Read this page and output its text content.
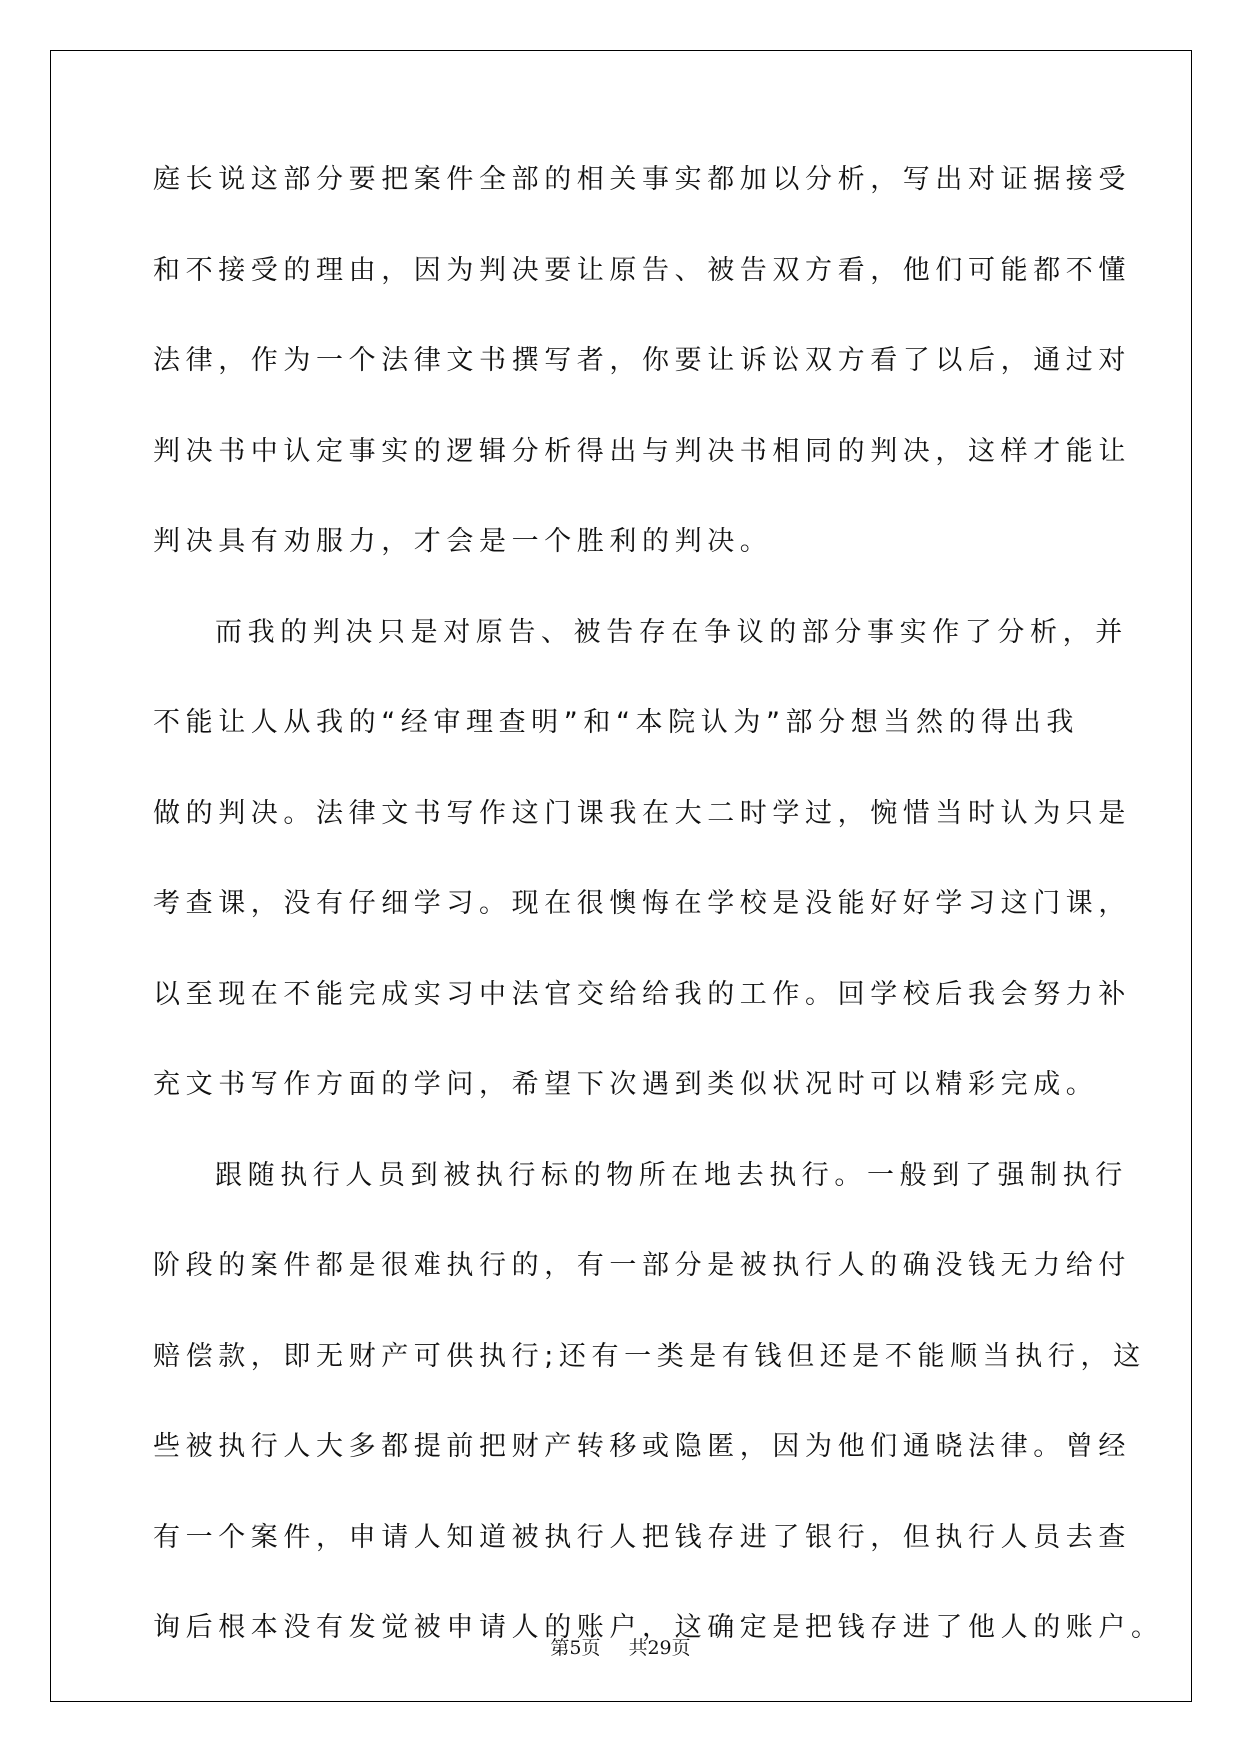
庭长说这部分要把案件全部的相关事实都加以分析，写出对证据接受
和不接受的理由，因为判决要让原告、被告双方看，他们可能都不懂
法律，作为一个法律文书撰写者，你要让诉讼双方看了以后，通过对
判决书中认定事实的逻辑分析得出与判决书相同的判决，这样才能让
判决具有劝服力，才会是一个胜利的判决。
而我的判决只是对原告、被告存在争议的部分事实作了分析，并
不能让人从我的“经审理查明”和“本院认为”部分想当然的得出我
做的判决。法律文书写作这门课我在大二时学过，惋惜当时认为只是
考查课，没有仔细学习。现在很懊悔在学校是没能好好学习这门课，
以至现在不能完成实习中法官交给给我的工作。回学校后我会努力补
充文书写作方面的学问，希望下次遇到类似状况时可以精彩完成。
跟随执行人员到被执行标的物所在地去执行。一般到了强制执行
阶段的案件都是很难执行的，有一部分是被执行人的确没钱无力给付
赔偿款，即无财产可供执行;还有一类是有钱但还是不能顺当执行，这
些被执行人大多都提前把财产转移或隐匿，因为他们通晓法律。曾经
有一个案件，申请人知道被执行人把钱存进了银行，但执行人员去查
询后根本没有发觉被申请人的账户，这确定是把钱存进了他人的账户。
第5页 共29页
